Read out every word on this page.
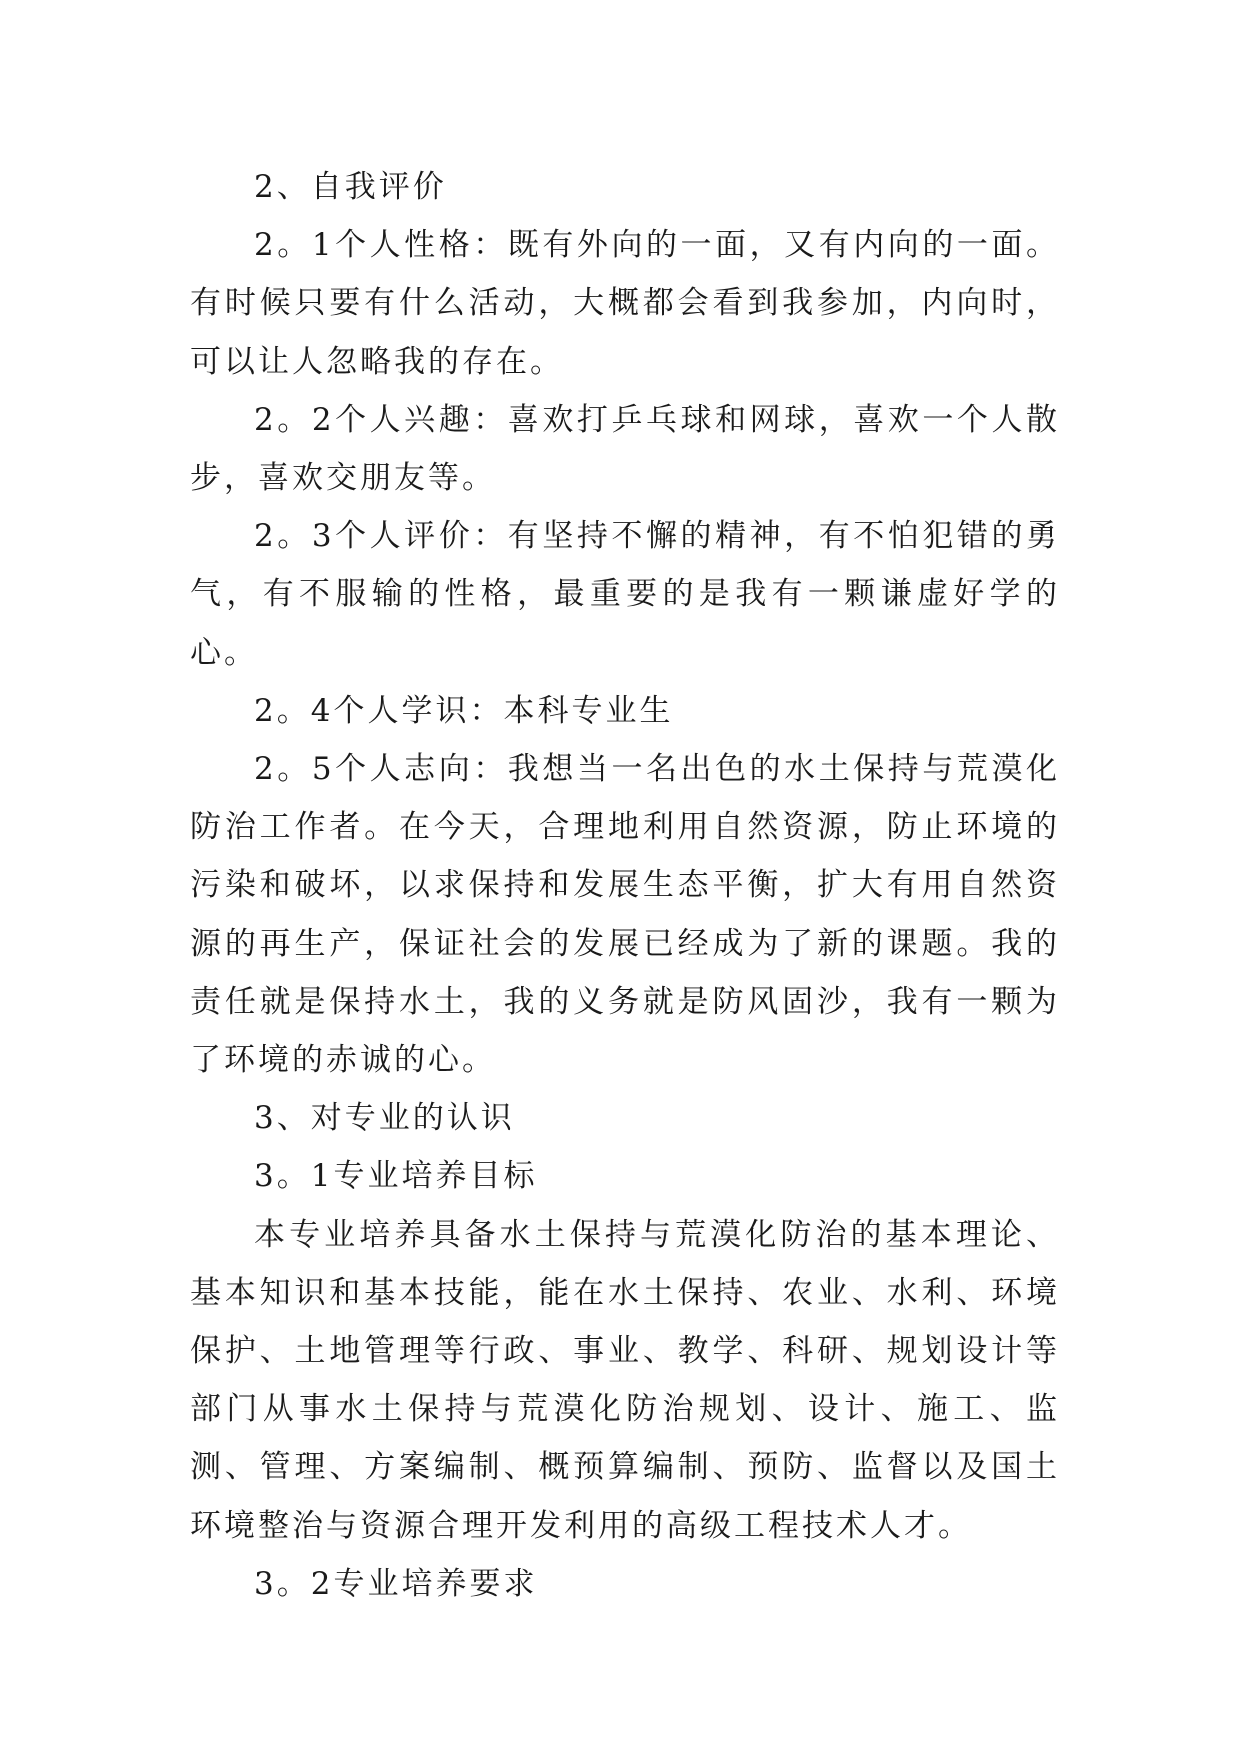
2、自我评价

2。1个人性格：既有外向的一面，又有内向的一面。有时候只要有什么活动，大概都会看到我参加，内向时，可以让人忽略我的存在。

2。2个人兴趣：喜欢打乒乓球和网球，喜欢一个人散步，喜欢交朋友等。

2。3个人评价：有坚持不懈的精神，有不怕犯错的勇气，有不服输的性格，最重要的是我有一颗谦虚好学的心。

2。4个人学识：本科专业生

2。5个人志向：我想当一名出色的水土保持与荒漠化防治工作者。在今天，合理地利用自然资源，防止环境的污染和破坏，以求保持和发展生态平衡，扩大有用自然资源的再生产，保证社会的发展已经成为了新的课题。我的责任就是保持水土，我的义务就是防风固沙，我有一颗为了环境的赤诚的心。

3、对专业的认识

3。1专业培养目标

本专业培养具备水土保持与荒漠化防治的基本理论、基本知识和基本技能，能在水土保持、农业、水利、环境保护、土地管理等行政、事业、教学、科研、规划设计等部门从事水土保持与荒漠化防治规划、设计、施工、监测、管理、方案编制、概预算编制、预防、监督以及国土环境整治与资源合理开发利用的高级工程技术人才。

3。2专业培养要求
